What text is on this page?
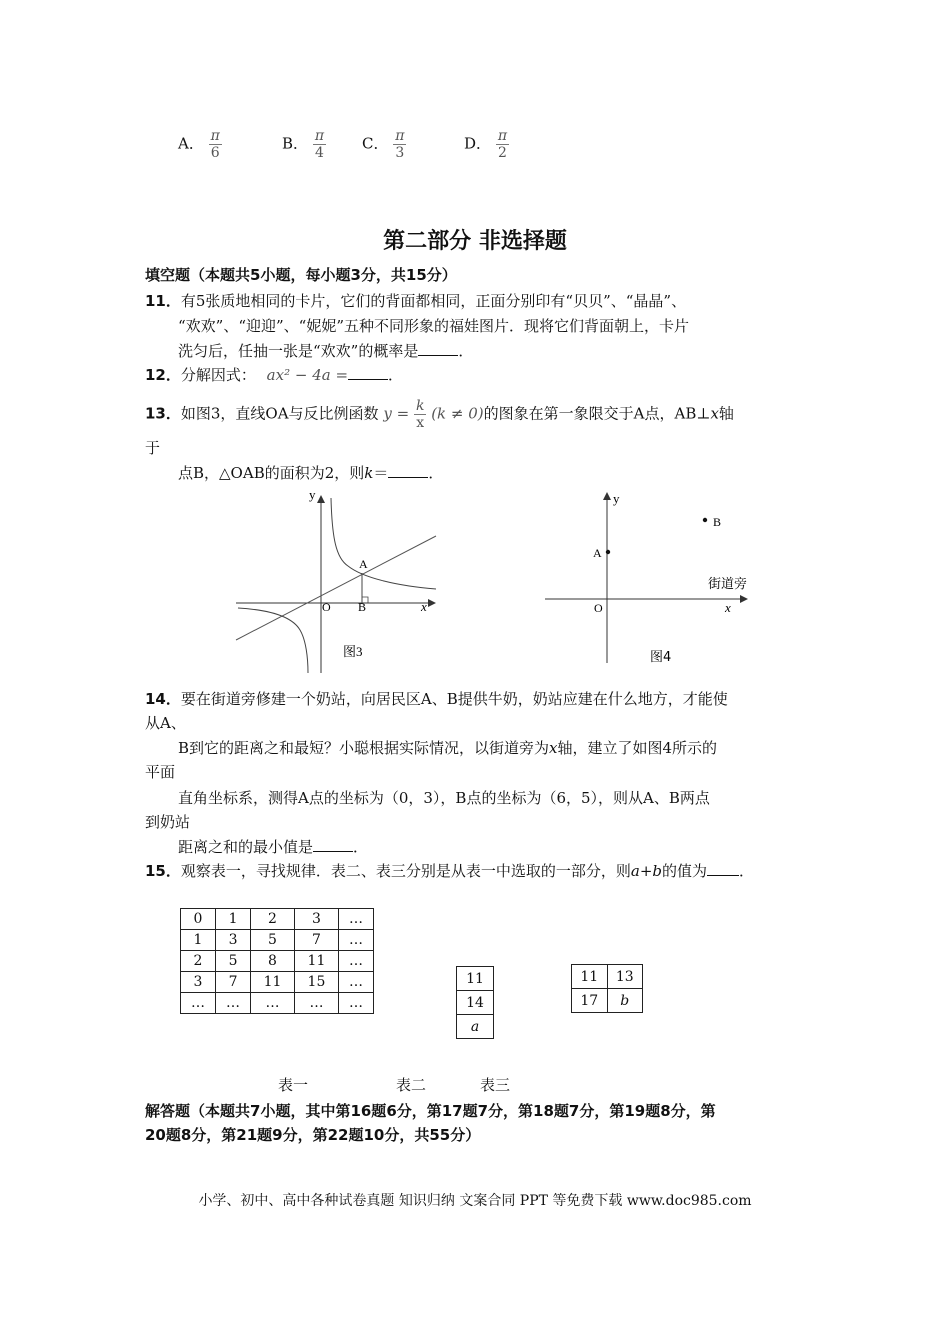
A． $\frac{\pi}{6}$	B． $\frac{\pi}{4}$ C． $\frac{\pi}{3}$	D． $\frac{\pi}{2}$
第二部分 非选择题
填空题（本题共5小题，每小题3分，共15分）
11．有5张质地相同的卡片，它们的背面都相同，正面分别印有“贝贝”、“晶晶”、
“欢欢”、“迎迎”、“妮妮”五种不同形象的福娃图片．现将它们背面朝上，卡片
洗匀后，任抽一张是“欢欢”的概率是	．
12．分解因式： ax² − 4a =	．
13．如图3，直线OA与反比例函数 $y = \frac{k}{x} (k \ne 0)$的图象在第一象限交于A点，AB⊥x轴
于
点B，△OAB的面积为2，则k＝	．
y
A
O B	x
图3
y
A
B
街道旁
O	x
图4
14．要在街道旁修建一个奶站，向居民区A、B提供牛奶，奶站应建在什么地方，才能使
从A、
B到它的距离之和最短？小聪根据实际情况，以街道旁为x轴，建立了如图4所示的
平面
直角坐标系，测得A点的坐标为（0，3），B点的坐标为（6，5），则从A、B两点
到奶站
距离之和的最小值是	．
15．观察表一，寻找规律．表二、表三分别是从表一中选取的一部分，则a+b的值为 ．
0	1	2	3	…
1	3	5	7	…
2	5	8	11	…
3	7	11	15	…
…	…	…	…	…
11
14
a
11	13
17	b
表一	表二	表三
解答题（本题共7小题，其中第16题6分，第17题7分，第18题7分，第19题8分，第
20题8分，第21题9分，第22题10分，共55分）
小学、初中、高中各种试卷真题 知识归纳 文案合同 PPT 等免费下载 www.doc985.com
